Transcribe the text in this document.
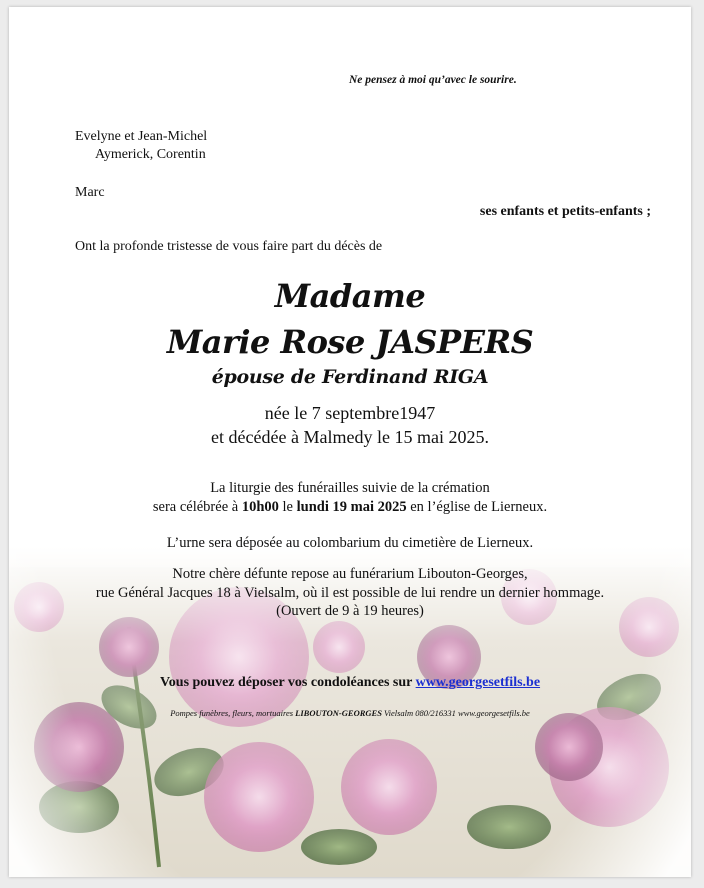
Ne pensez à moi qu’avec le sourire.
Evelyne et Jean-Michel
Aymerick, Corentin
Marc
ses enfants et petits-enfants ;
Ont la profonde tristesse de vous faire part du décès de
Madame
Marie Rose JASPERS
épouse de Ferdinand RIGA
née le 7 septembre1947
et décédée à Malmedy le 15 mai 2025.
La liturgie des funérailles suivie de la crémation
sera célébrée à 10h00 le lundi 19 mai 2025 en l’église de Lierneux.
L’urne sera déposée au colombarium du cimetière de Lierneux.
Notre chère défunte repose au funérarium Libouton-Georges,
rue Général Jacques 18 à Vielsalm, où il est possible de lui rendre un dernier hommage.
(Ouvert de 9 à 19 heures)
Vous pouvez déposer vos condoléances sur www.georgesetfils.be
Pompes funèbres, fleurs, mortuaires LIBOUTON-GEORGES Vielsalm 080/216331 www.georgesetfils.be
